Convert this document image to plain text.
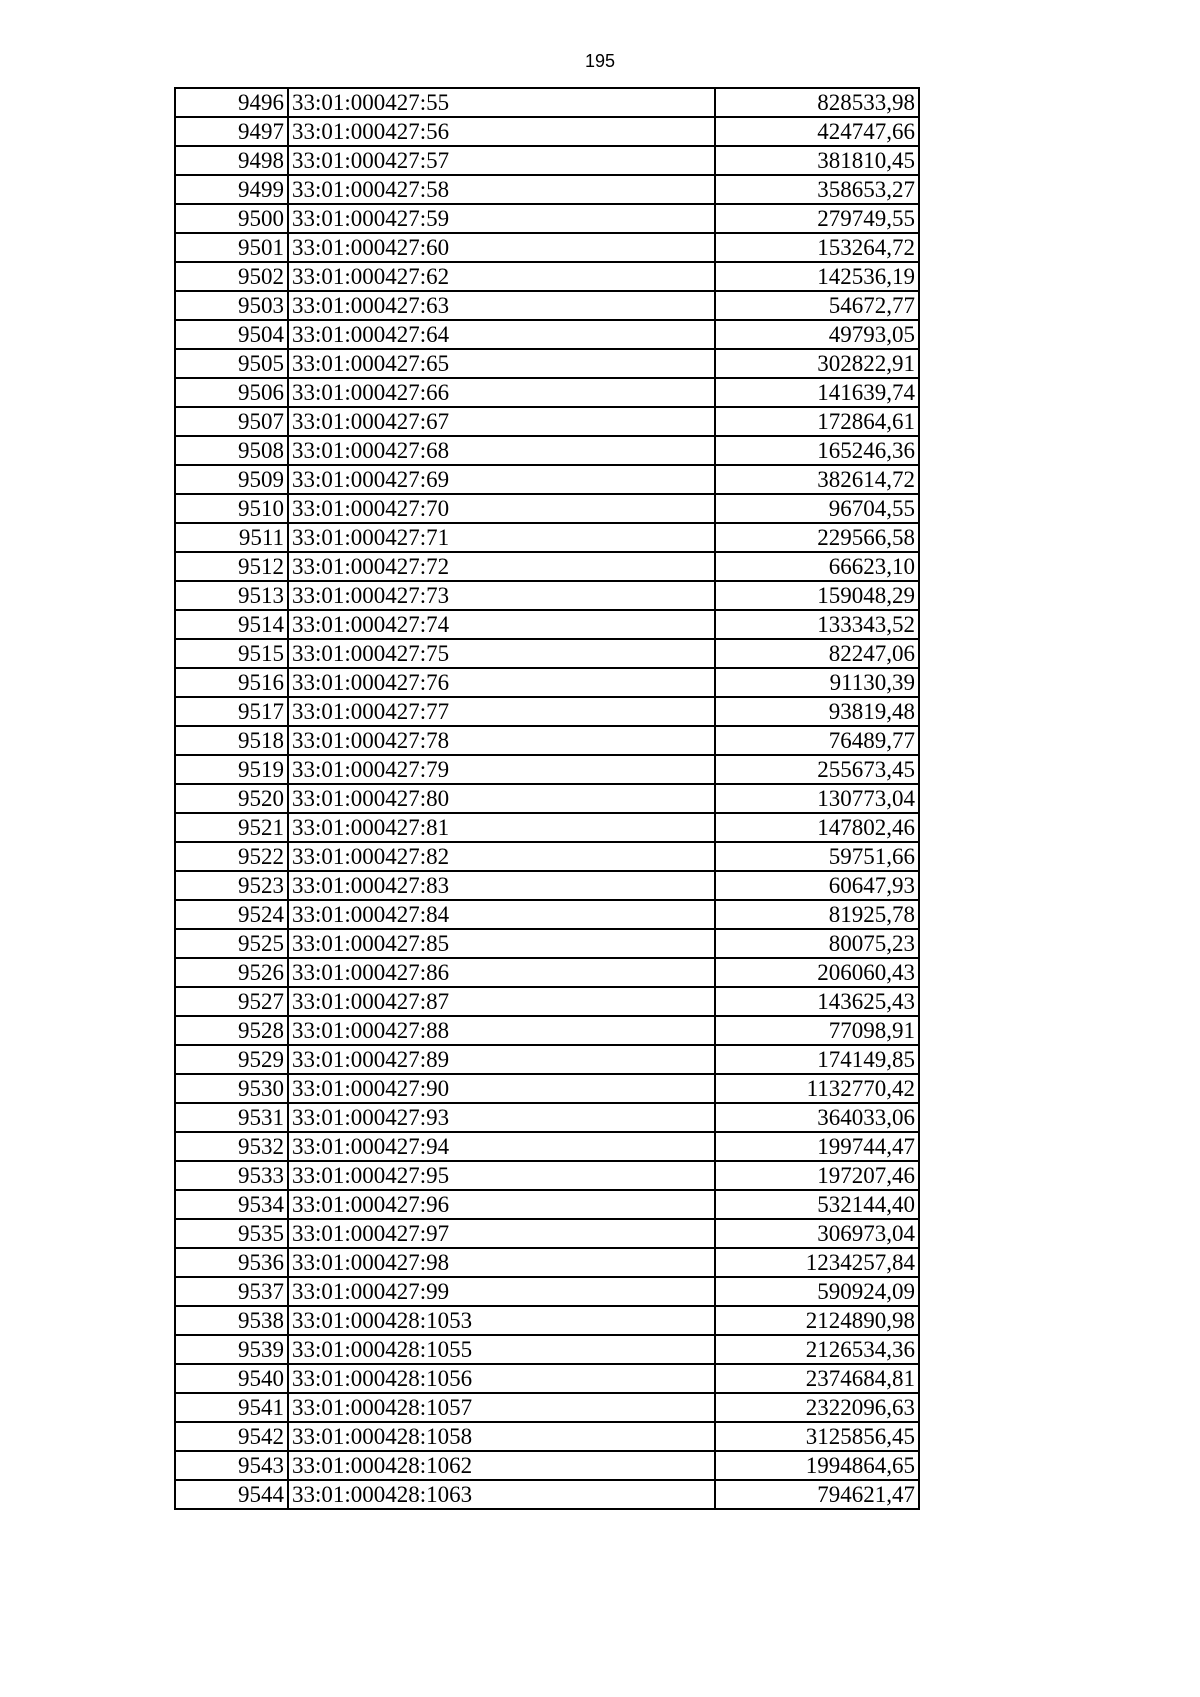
195
9496	33:01:000427:55	828533,98
9497	33:01:000427:56	424747,66
9498	33:01:000427:57	381810,45
9499	33:01:000427:58	358653,27
9500	33:01:000427:59	279749,55
9501	33:01:000427:60	153264,72
9502	33:01:000427:62	142536,19
9503	33:01:000427:63	54672,77
9504	33:01:000427:64	49793,05
9505	33:01:000427:65	302822,91
9506	33:01:000427:66	141639,74
9507	33:01:000427:67	172864,61
9508	33:01:000427:68	165246,36
9509	33:01:000427:69	382614,72
9510	33:01:000427:70	96704,55
9511	33:01:000427:71	229566,58
9512	33:01:000427:72	66623,10
9513	33:01:000427:73	159048,29
9514	33:01:000427:74	133343,52
9515	33:01:000427:75	82247,06
9516	33:01:000427:76	91130,39
9517	33:01:000427:77	93819,48
9518	33:01:000427:78	76489,77
9519	33:01:000427:79	255673,45
9520	33:01:000427:80	130773,04
9521	33:01:000427:81	147802,46
9522	33:01:000427:82	59751,66
9523	33:01:000427:83	60647,93
9524	33:01:000427:84	81925,78
9525	33:01:000427:85	80075,23
9526	33:01:000427:86	206060,43
9527	33:01:000427:87	143625,43
9528	33:01:000427:88	77098,91
9529	33:01:000427:89	174149,85
9530	33:01:000427:90	1132770,42
9531	33:01:000427:93	364033,06
9532	33:01:000427:94	199744,47
9533	33:01:000427:95	197207,46
9534	33:01:000427:96	532144,40
9535	33:01:000427:97	306973,04
9536	33:01:000427:98	1234257,84
9537	33:01:000427:99	590924,09
9538	33:01:000428:1053	2124890,98
9539	33:01:000428:1055	2126534,36
9540	33:01:000428:1056	2374684,81
9541	33:01:000428:1057	2322096,63
9542	33:01:000428:1058	3125856,45
9543	33:01:000428:1062	1994864,65
9544	33:01:000428:1063	794621,47
